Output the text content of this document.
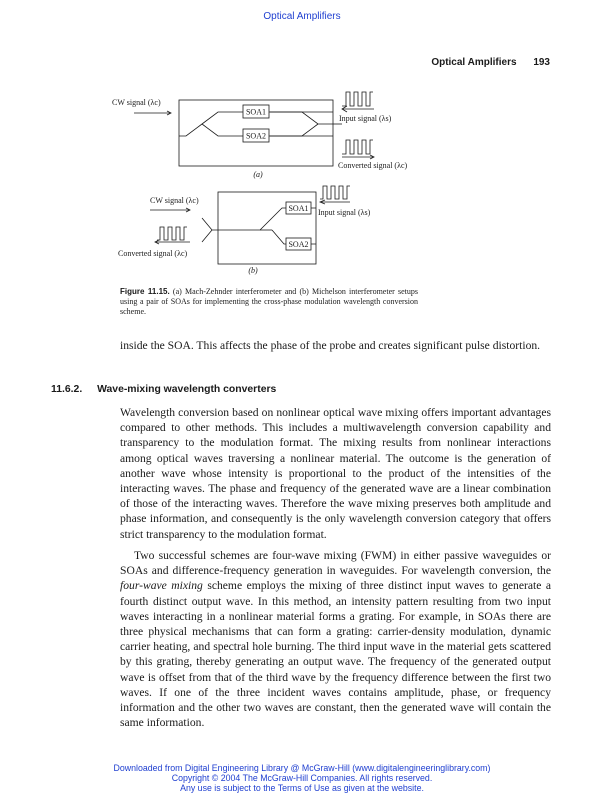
Optical Amplifiers
Optical Amplifiers 193
CW signal (λc)
SOA1
SOA2
Input signal (λs)
Converted signal (λc)
(a)
CW signal (λc)
SOA1
SOA2
Input signal (λs)
Converted signal (λc)
(b)
Figure 11.15. (a) Mach-Zehnder interferometer and (b) Michelson interferometer setups using a pair of SOAs for implementing the cross-phase modulation wavelength conversion scheme.
inside the SOA. This affects the phase of the probe and creates significant pulse distortion.
11.6.2. Wave-mixing wavelength converters
Wavelength conversion based on nonlinear optical wave mixing offers important advantages compared to other methods. This includes a multiwavelength conversion capability and transparency to the modulation format. The mixing results from nonlinear interactions among optical waves traversing a nonlinear material. The outcome is the generation of another wave whose intensity is proportional to the product of the intensities of the interacting waves. The phase and frequency of the generated wave are a linear combination of those of the interacting waves. Therefore the wave mixing preserves both amplitude and phase information, and consequently is the only wavelength conversion category that offers strict transparency to the modulation format.
Two successful schemes are four-wave mixing (FWM) in either passive waveguides or SOAs and difference-frequency generation in waveguides. For wavelength conversion, the four-wave mixing scheme employs the mixing of three distinct input waves to generate a fourth distinct output wave. In this method, an intensity pattern resulting from two input waves interacting in a nonlinear material forms a grating. For example, in SOAs there are three physical mechanisms that can form a grating: carrier-density modulation, dynamic carrier heating, and spectral hole burning. The third input wave in the material gets scattered by this grating, thereby generating an output wave. The frequency of the generated output wave is offset from that of the third wave by the frequency difference between the first two waves. If one of the three incident waves contains amplitude, phase, or frequency information and the other two waves are constant, then the generated wave will contain the same information.
Downloaded from Digital Engineering Library @ McGraw-Hill (www.digitalengineeringlibrary.com)
Copyright © 2004 The McGraw-Hill Companies. All rights reserved.
Any use is subject to the Terms of Use as given at the website.
